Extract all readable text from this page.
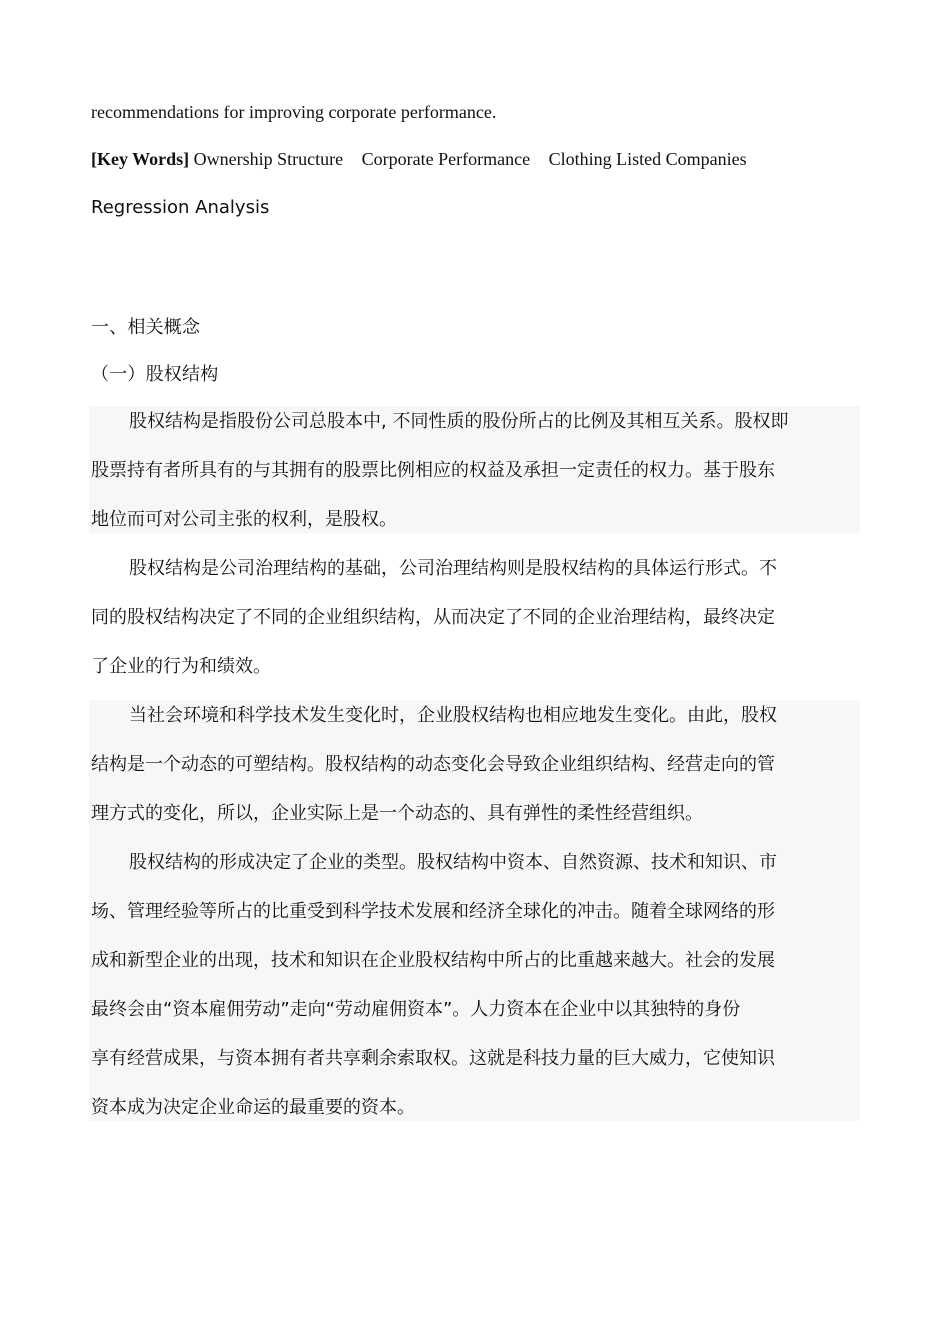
recommendations for improving corporate performance.
[Key Words] Ownership Structure Corporate Performance Clothing Listed Companies
Regression Analysis
一、相关概念
（一）股权结构
股权结构是指股份公司总股本中, 不同性质的股份所占的比例及其相互关系。股权即
股票持有者所具有的与其拥有的股票比例相应的权益及承担一定责任的权力。基于股东
地位而可对公司主张的权利，是股权。
股权结构是公司治理结构的基础，公司治理结构则是股权结构的具体运行形式。不
同的股权结构决定了不同的企业组织结构，从而决定了不同的企业治理结构，最终决定
了企业的行为和绩效。
当社会环境和科学技术发生变化时，企业股权结构也相应地发生变化。由此，股权
结构是一个动态的可塑结构。股权结构的动态变化会导致企业组织结构、经营走向的管
理方式的变化，所以，企业实际上是一个动态的、具有弹性的柔性经营组织。
股权结构的形成决定了企业的类型。股权结构中资本、自然资源、技术和知识、市
场、管理经验等所占的比重受到科学技术发展和经济全球化的冲击。随着全球网络的形
成和新型企业的出现，技术和知识在企业股权结构中所占的比重越来越大。社会的发展
最终会由“资本雇佣劳动”走向“劳动雇佣资本”。人力资本在企业中以其独特的身份
享有经营成果，与资本拥有者共享剩余索取权。这就是科技力量的巨大威力，它使知识
资本成为决定企业命运的最重要的资本。
